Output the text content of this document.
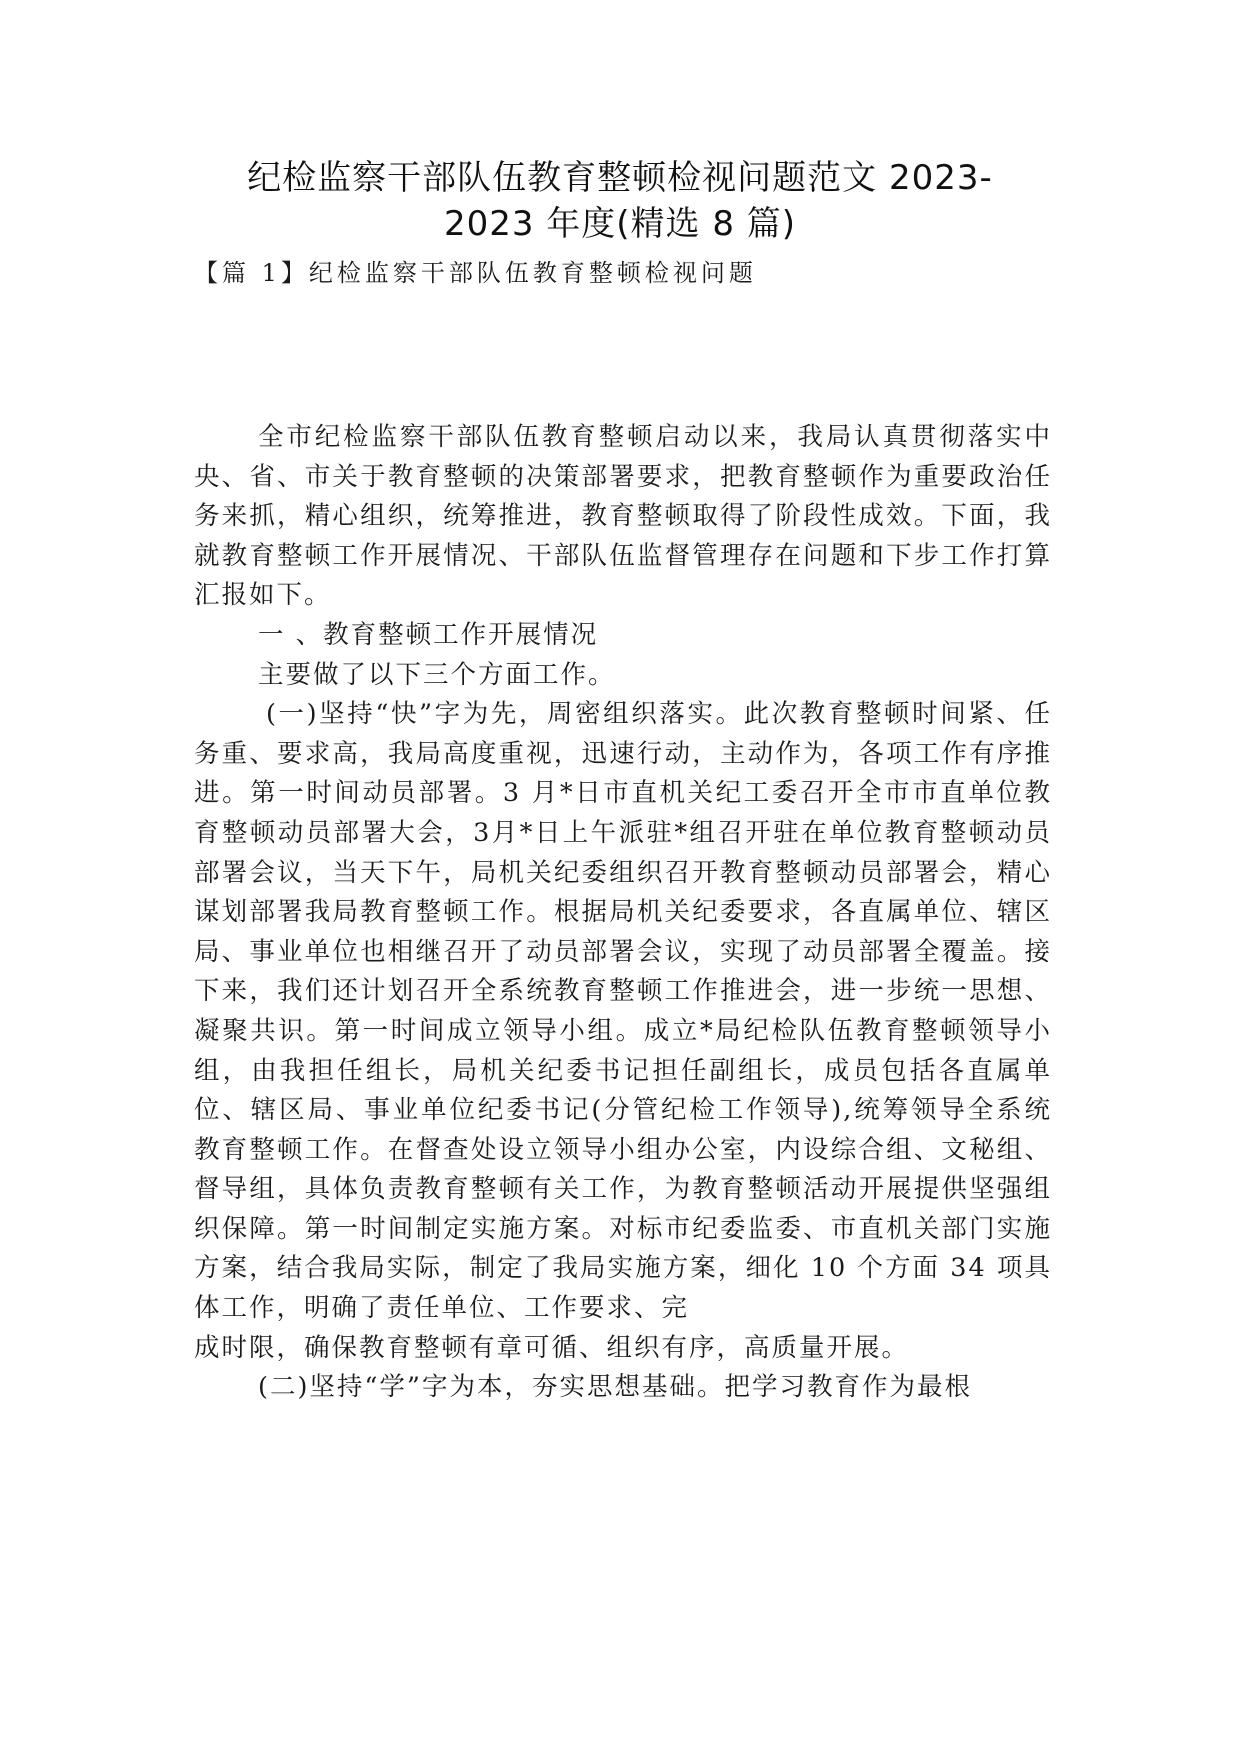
纪检监察干部队伍教育整顿检视问题范文 2023-
2023 年度(精选 8 篇)
【篇 1】纪检监察干部队伍教育整顿检视问题

全市纪检监察干部队伍教育整顿启动以来，我局认真贯彻落实中央、省、市关于教育整顿的决策部署要求，把教育整顿作为重要政治任务来抓，精心组织，统筹推进，教育整顿取得了阶段性成效。下面，我就教育整顿工作开展情况、干部队伍监督管理存在问题和下步工作打算汇报如下。

一 、教育整顿工作开展情况

主要做了以下三个方面工作。

(一)坚持“快”字为先，周密组织落实。此次教育整顿时间紧、任务重、要求高，我局高度重视，迅速行动，主动作为，各项工作有序推进。第一时间动员部署。3 月*日市直机关纪工委召开全市市直单位教育整顿动员部署大会，3月*日上午派驻*组召开驻在单位教育整顿动员部署会议，当天下午，局机关纪委组织召开教育整顿动员部署会，精心谋划部署我局教育整顿工作。根据局机关纪委要求，各直属单位、辖区局、事业单位也相继召开了动员部署会议，实现了动员部署全覆盖。接下来，我们还计划召开全系统教育整顿工作推进会，进一步统一思想、凝聚共识。第一时间成立领导小组。成立*局纪检队伍教育整顿领导小组，由我担任组长，局机关纪委书记担任副组长，成员包括各直属单位、辖区局、事业单位纪委书记(分管纪检工作领导),统筹领导全系统教育整顿工作。在督查处设立领导小组办公室，内设综合组、文秘组、督导组，具体负责教育整顿有关工作，为教育整顿活动开展提供坚强组织保障。第一时间制定实施方案。对标市纪委监委、市直机关部门实施方案，结合我局实际，制定了我局实施方案，细化 10 个方面 34 项具体工作，明确了责任单位、工作要求、完

成时限，确保教育整顿有章可循、组织有序，高质量开展。

(二)坚持“学”字为本，夯实思想基础。把学习教育作为最根
